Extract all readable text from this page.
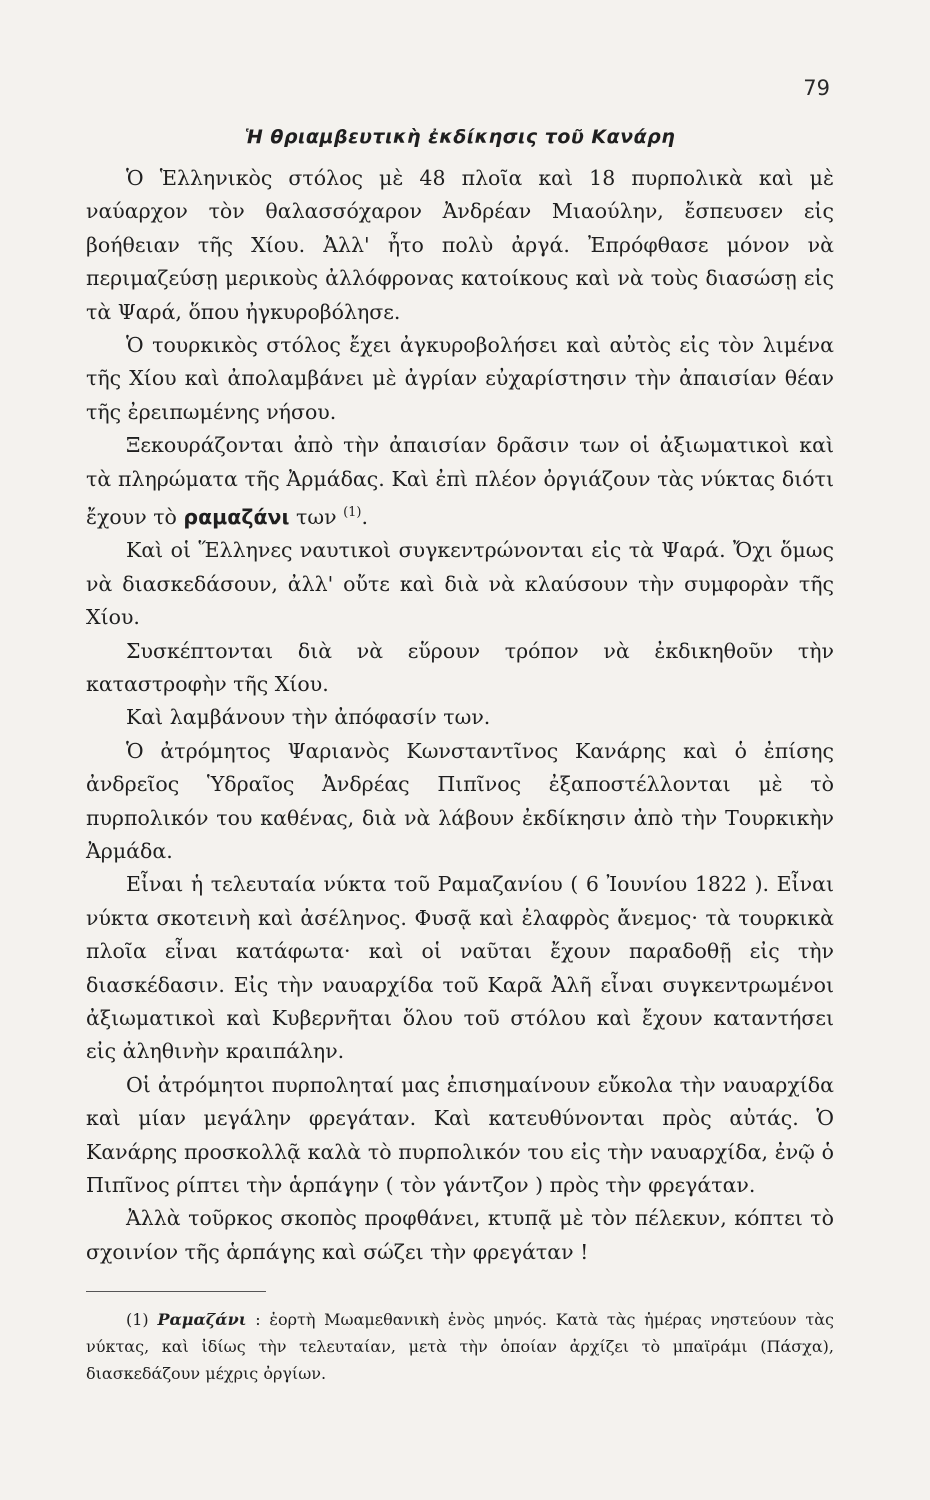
79
Ἡ θριαμβευτικὴ ἐκδίκησις τοῦ Κανάρη

Ὁ Ἑλληνικὸς στόλος μὲ 48 πλοῖα καὶ 18 πυρπολικὰ καὶ μὲ ναύαρχον τὸν θαλασσόχαρον Ἀνδρέαν Μιαούλην, ἔσπευσεν εἰς βοήθειαν τῆς Χίου. Ἀλλ' ἦτο πολὺ ἀργά. Ἐπρόφθασε μόνον νὰ περιμαζεύσῃ μερικοὺς ἀλλόφρονας κατοίκους καὶ νὰ τοὺς διασώσῃ εἰς τὰ Ψαρά, ὅπου ἠγκυροβόλησε.

Ὁ τουρκικὸς στόλος ἔχει ἀγκυροβολήσει καὶ αὐτὸς εἰς τὸν λιμένα τῆς Χίου καὶ ἀπολαμβάνει μὲ ἀγρίαν εὐχαρίστησιν τὴν ἀπαισίαν θέαν τῆς ἐρειπωμένης νήσου.

Ξεκουράζονται ἀπὸ τὴν ἀπαισίαν δρᾶσιν των οἱ ἀξιωματικοὶ καὶ τὰ πληρώματα τῆς Ἀρμάδας. Καὶ ἐπὶ πλέον ὀργιάζουν τὰς νύκτας διότι ἔχουν τὸ ραμαζάνι των $^{(1)}$.

Καὶ οἱ Ἕλληνες ναυτικοὶ συγκεντρώνονται εἰς τὰ Ψαρά. Ὄχι ὅμως νὰ διασκεδάσουν, ἀλλ' οὔτε καὶ διὰ νὰ κλαύσουν τὴν συμφορὰν τῆς Χίου.

Συσκέπτονται διὰ νὰ εὕρουν τρόπον νὰ ἐκδικηθοῦν τὴν καταστροφὴν τῆς Χίου.

Καὶ λαμβάνουν τὴν ἀπόφασίν των.

Ὁ ἀτρόμητος Ψαριανὸς Κωνσταντῖνος Κανάρης καὶ ὁ ἐπίσης ἀνδρεῖος Ὑδραῖος Ἀνδρέας Πιπῖνος ἐξαποστέλλονται μὲ τὸ πυρπολικόν του καθένας, διὰ νὰ λάβουν ἐκδίκησιν ἀπὸ τὴν Τουρκικὴν Ἀρμάδα.

Εἶναι ἡ τελευταία νύκτα τοῦ Ραμαζανίου ( 6 Ἰουνίου 1822 ). Εἶναι νύκτα σκοτεινὴ καὶ ἀσέληνος. Φυσᾷ καὶ ἐλαφρὸς ἄνεμος· τὰ τουρκικὰ πλοῖα εἶναι κατάφωτα· καὶ οἱ ναῦται ἔχουν παραδοθῇ εἰς τὴν διασκέδασιν. Εἰς τὴν ναυαρχίδα τοῦ Καρᾶ Ἀλῆ εἶναι συγκεντρωμένοι ἀξιωματικοὶ καὶ Κυβερνῆται ὅλου τοῦ στόλου καὶ ἔχουν καταντήσει εἰς ἀληθινὴν κραιπάλην.

Οἱ ἀτρόμητοι πυρποληταί μας ἐπισημαίνουν εὔκολα τὴν ναυαρχίδα καὶ μίαν μεγάλην φρεγάταν. Καὶ κατευθύνονται πρὸς αὐτάς. Ὁ Κανάρης προσκολλᾷ καλὰ τὸ πυρπολικόν του εἰς τὴν ναυαρχίδα, ἐνῷ ὁ Πιπῖνος ρίπτει τὴν ἁρπάγην ( τὸν γάντζον ) πρὸς τὴν φρεγάταν.

Ἀλλὰ τοῦρκος σκοπὸς προφθάνει, κτυπᾷ μὲ τὸν πέλεκυν, κόπτει τὸ σχοινίον τῆς ἁρπάγης καὶ σώζει τὴν φρεγάταν !

(1) Ραμαζάνι : ἑορτὴ Μωαμεθανικὴ ἑνὸς μηνός. Κατὰ τὰς ἡμέρας νηστεύουν τὰς νύκτας, καὶ ἰδίως τὴν τελευταίαν, μετὰ τὴν ὁποίαν ἀρχίζει τὸ μπαϊράμι (Πάσχα), διασκεδάζουν μέχρις ὀργίων.
